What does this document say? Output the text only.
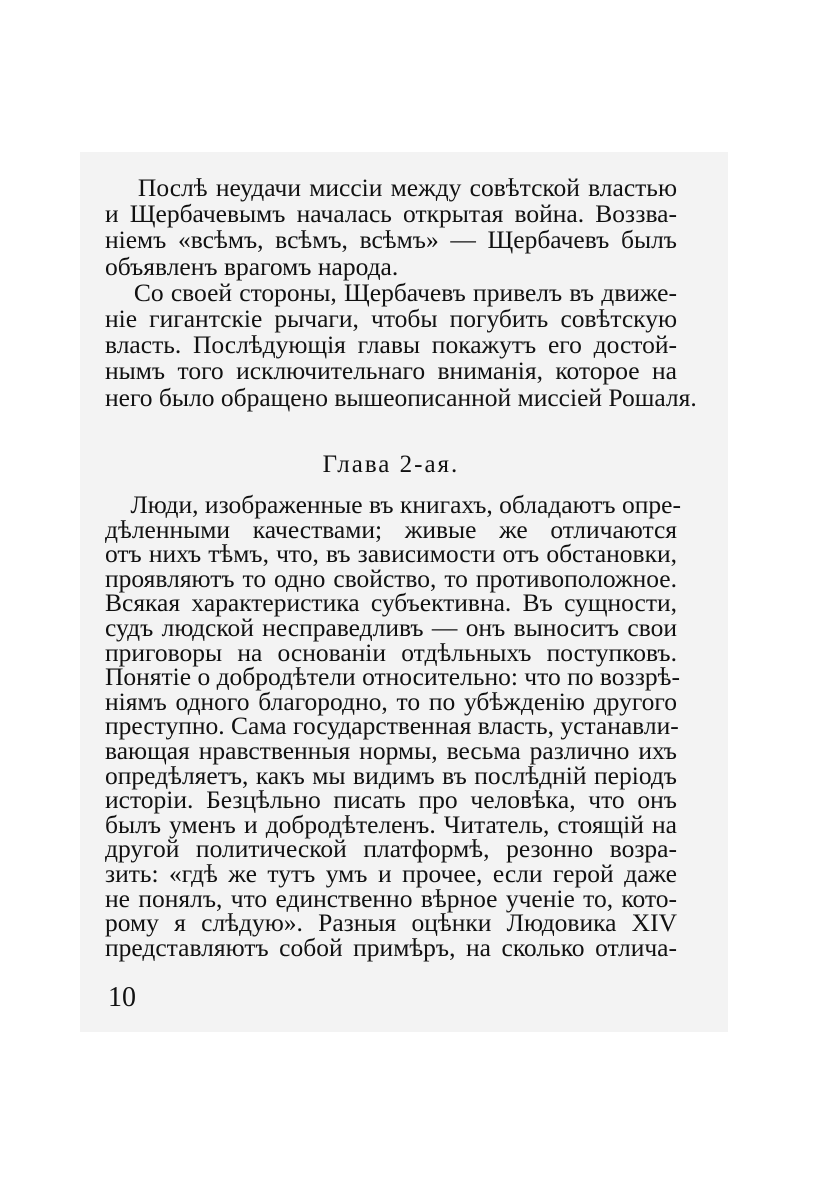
Послѣ неудачи миссіи между совѣтской властью
и Щербачевымъ началась открытая война. Воззва-
ніемъ «всѣмъ, всѣмъ, всѣмъ» — Щербачевъ былъ
объявленъ врагомъ народа.
Со своей стороны, Щербачевъ привелъ въ движе-
ніе гигантскіе рычаги, чтобы погубить совѣтскую
власть. Послѣдующія главы покажутъ его достой-
нымъ того исключительнаго вниманія, которое на
него было обращено вышеописанной миссіей Рошаля.
Глава 2-ая.
Люди, изображенные въ книгахъ, обладаютъ опре-
дѣленными качествами; живые же отличаются
отъ нихъ тѣмъ, что, въ зависимости отъ обстановки,
проявляютъ то одно свойство, то противоположное.
Всякая характеристика субъективна. Въ сущности,
судъ людской несправедливъ — онъ выноситъ свои
приговоры на основаніи отдѣльныхъ поступковъ.
Понятіе о добродѣтели относительно: что по воззрѣ-
ніямъ одного благородно, то по убѣжденію другого
преступно. Сама государственная власть, устанавли-
вающая нравственныя нормы, весьма различно ихъ
опредѣляетъ, какъ мы видимъ въ послѣдній періодъ
исторіи. Безцѣльно писать про человѣка, что онъ
былъ уменъ и добродѣтеленъ. Читатель, стоящій на
другой политической платформѣ, резонно возра-
зить: «гдѣ же тутъ умъ и прочее, если герой даже
не понялъ, что единственно вѣрное ученіе то, кото-
рому я слѣдую». Разныя оцѣнки Людовика XIV
представляютъ собой примѣръ, на сколько отлича-
10
